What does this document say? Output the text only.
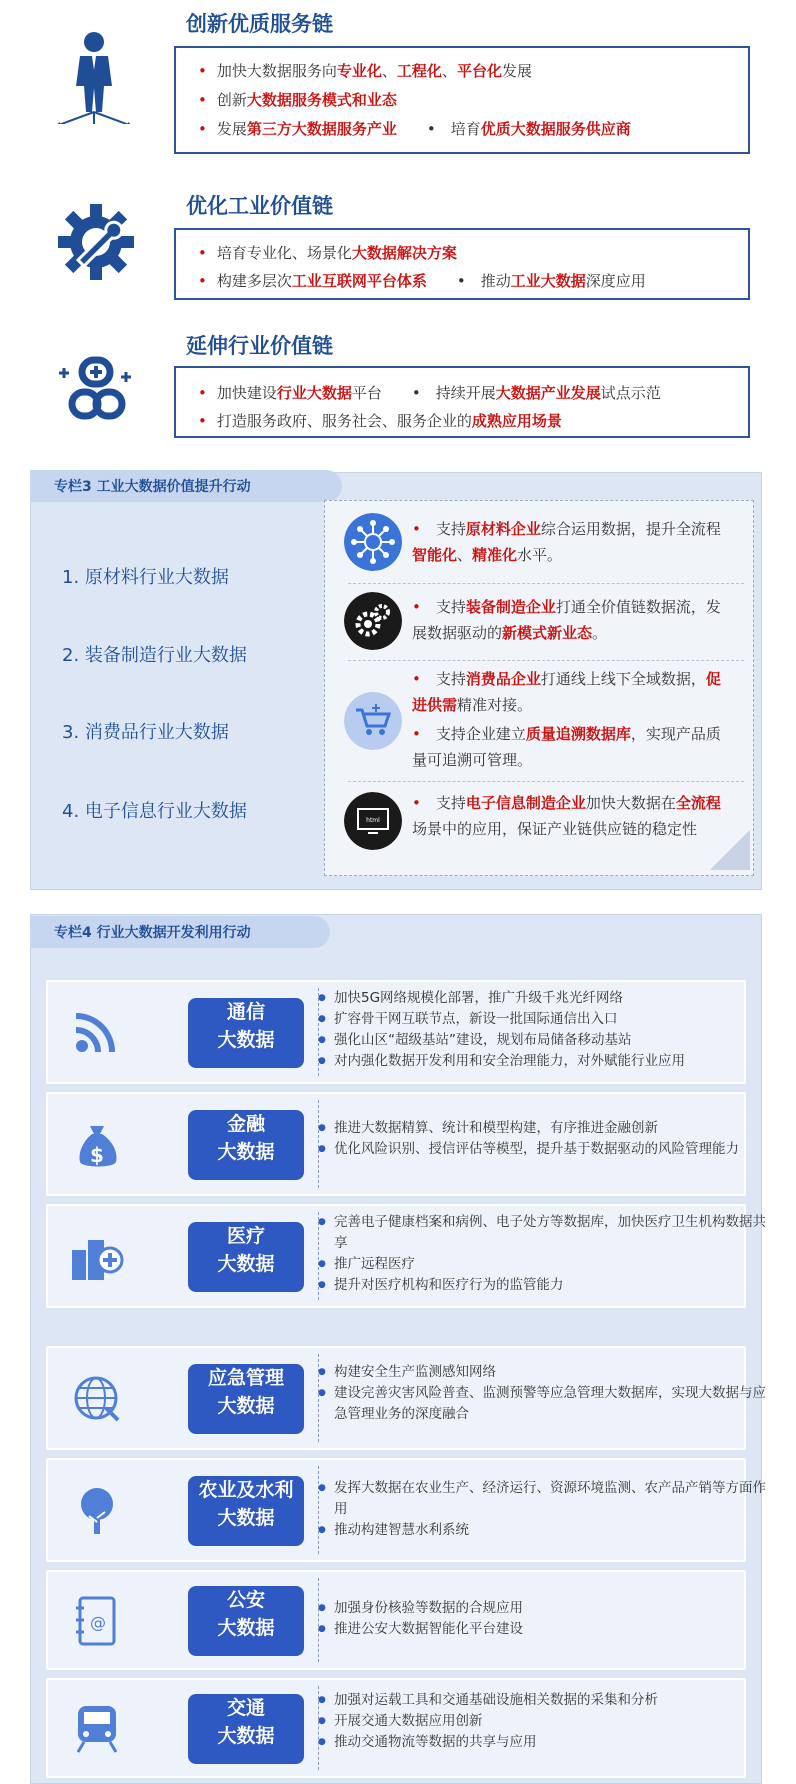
创新优质服务链
• 加快大数据服务向专业化、工程化、平台化发展
• 创新大数据服务模式和业态
• 发展第三方大数据服务产业　　•　培育优质大数据服务供应商
优化工业价值链
• 培育专业化、场景化大数据解决方案
• 构建多层次工业互联网平台体系　　•　推动工业大数据深度应用
延伸行业价值链
• 加快建设行业大数据平台　　•　持续开展大数据产业发展试点示范
• 打造服务政府、服务社会、服务企业的成熟应用场景
专栏3 工业大数据价值提升行动
1. 原材料行业大数据
2. 装备制造行业大数据
3. 消费品行业大数据
4. 电子信息行业大数据
•　 支持原材料企业综合运用数据，提升全流程智能化、精准化水平。
•　 支持装备制造企业打通全价值链数据流，发展数据驱动的新模式新业态。
•　 支持消费品企业打通线上线下全域数据，促进供需精准对接。
•　 支持企业建立质量追溯数据库，实现产品质量可追溯可管理。
html
•　 支持电子信息制造企业加快大数据在全流程场景中的应用，保证产业链供应链的稳定性
专栏4 行业大数据开发利用行动
通信
大数据
● 加快5G网络规模化部署，推广升级千兆光纤网络
● 扩容骨干网互联节点，新设一批国际通信出入口
● 强化山区“超级基站”建设，规划布局储备移动基站
● 对内强化数据开发利用和安全治理能力，对外赋能行业应用
$
金融
大数据
● 推进大数据精算、统计和模型构建，有序推进金融创新
● 优化风险识别、授信评估等模型，提升基于数据驱动的风险管理能力
医疗
大数据
● 完善电子健康档案和病例、电子处方等数据库，加快医疗卫生机构数据共享
● 推广远程医疗
● 提升对医疗机构和医疗行为的监管能力
应急管理
大数据
● 构建安全生产监测感知网络
● 建设完善灾害风险普查、监测预警等应急管理大数据库，实现大数据与应急管理业务的深度融合
农业及水利
大数据
● 发挥大数据在农业生产、经济运行、资源环境监测、农产品产销等方面作用
● 推动构建智慧水利系统
@
公安
大数据
● 加强身份核验等数据的合规应用
● 推进公安大数据智能化平台建设
交通
大数据
● 加强对运载工具和交通基础设施相关数据的采集和分析
● 开展交通大数据应用创新
● 推动交通物流等数据的共享与应用
